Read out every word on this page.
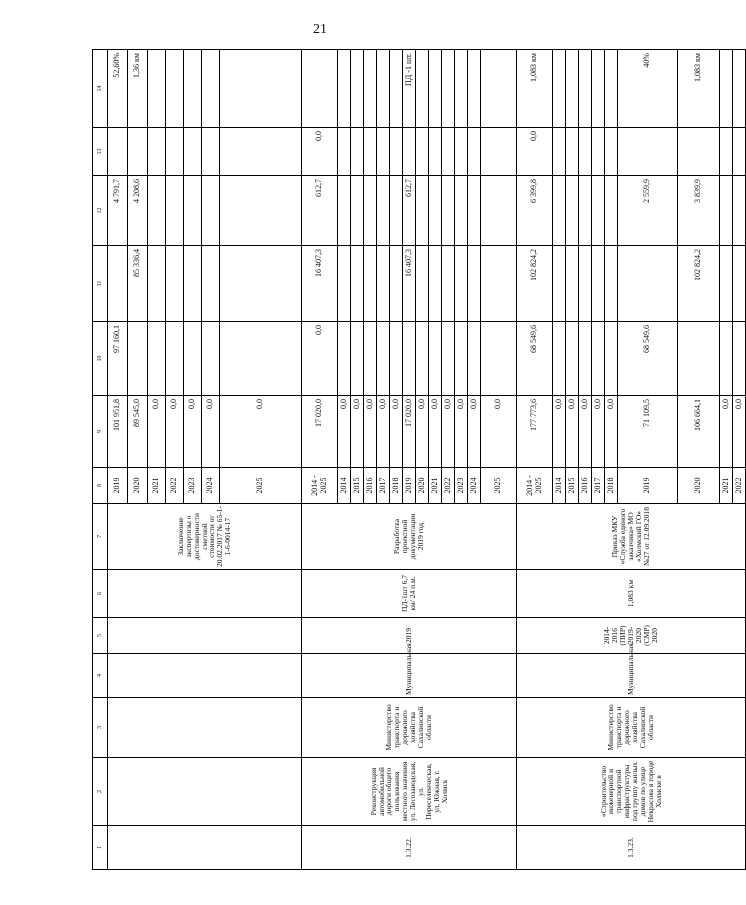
21
1	2	3	4	5	6	7	8	9	10	11	12	13	14
						Заключение экспертизы о достоверности сметной стоимости от 20.02.2017 № 65-1-1-6-0014-17	2019	101 951,8	97 160,1		4 791,7		52,60%
							2020	89 545,0		85 336,4	4 208,6		1,36 км
							2021	0,0					
							2022	0,0					
							2023	0,0					
							2024	0,0					
							2025	0,0					
1.3.22.	Реконструкция автомобильной дороги общего пользования местного значения ул. Лесозаводская, ул. Переселенческая, ул. Южная, г. Холмск	Министерство транспорта и дорожного хозяйства Сахалинской области	Муниципальная	2019	ПД-1шт 6,7 км/ 24 п.м.	Разработка проектной документации 2019 год	2014 - 2025	17 020,0	0,0	16 407,3	612,7	0,0	
							2014	0,0					
							2015	0,0					
							2016	0,0					
							2017	0,0					
							2018	0,0					
							2019	17 020,0		16 407,3	612,7		ПД -1 шт.
							2020	0,0					
							2021	0,0					
							2022	0,0					
							2023	0,0					
							2024	0,0					
							2025	0,0					
1.3.23.	«Строительство инженерной и транспортной инфраструктуры под группу жилых домов по улице Некрасова в городе Холмске в	Министерство транспорта и дорожного хозяйства Сахалинской области	Муниципальная	2014-2016 (ПИР) 2019-2020 (СМР) 2020	1,083 км	Приказ МКУ «Служба единого заказчика» МО «Холмский ГО» №27 от 12.09.2018	2014 - 2025	177 773,6	68 549,6	102 824,2	6 399,8	0,0	1,083 км
							2014	0,0					
							2015	0,0					
							2016	0,0					
							2017	0,0					
							2018	0,0					
							2019	71 109,5	68 549,6		2 559,9		40%
							2020	106 664,1		102 824,2	3 839,9		1,083 км
							2021	0,0					
							2022	0,0					
